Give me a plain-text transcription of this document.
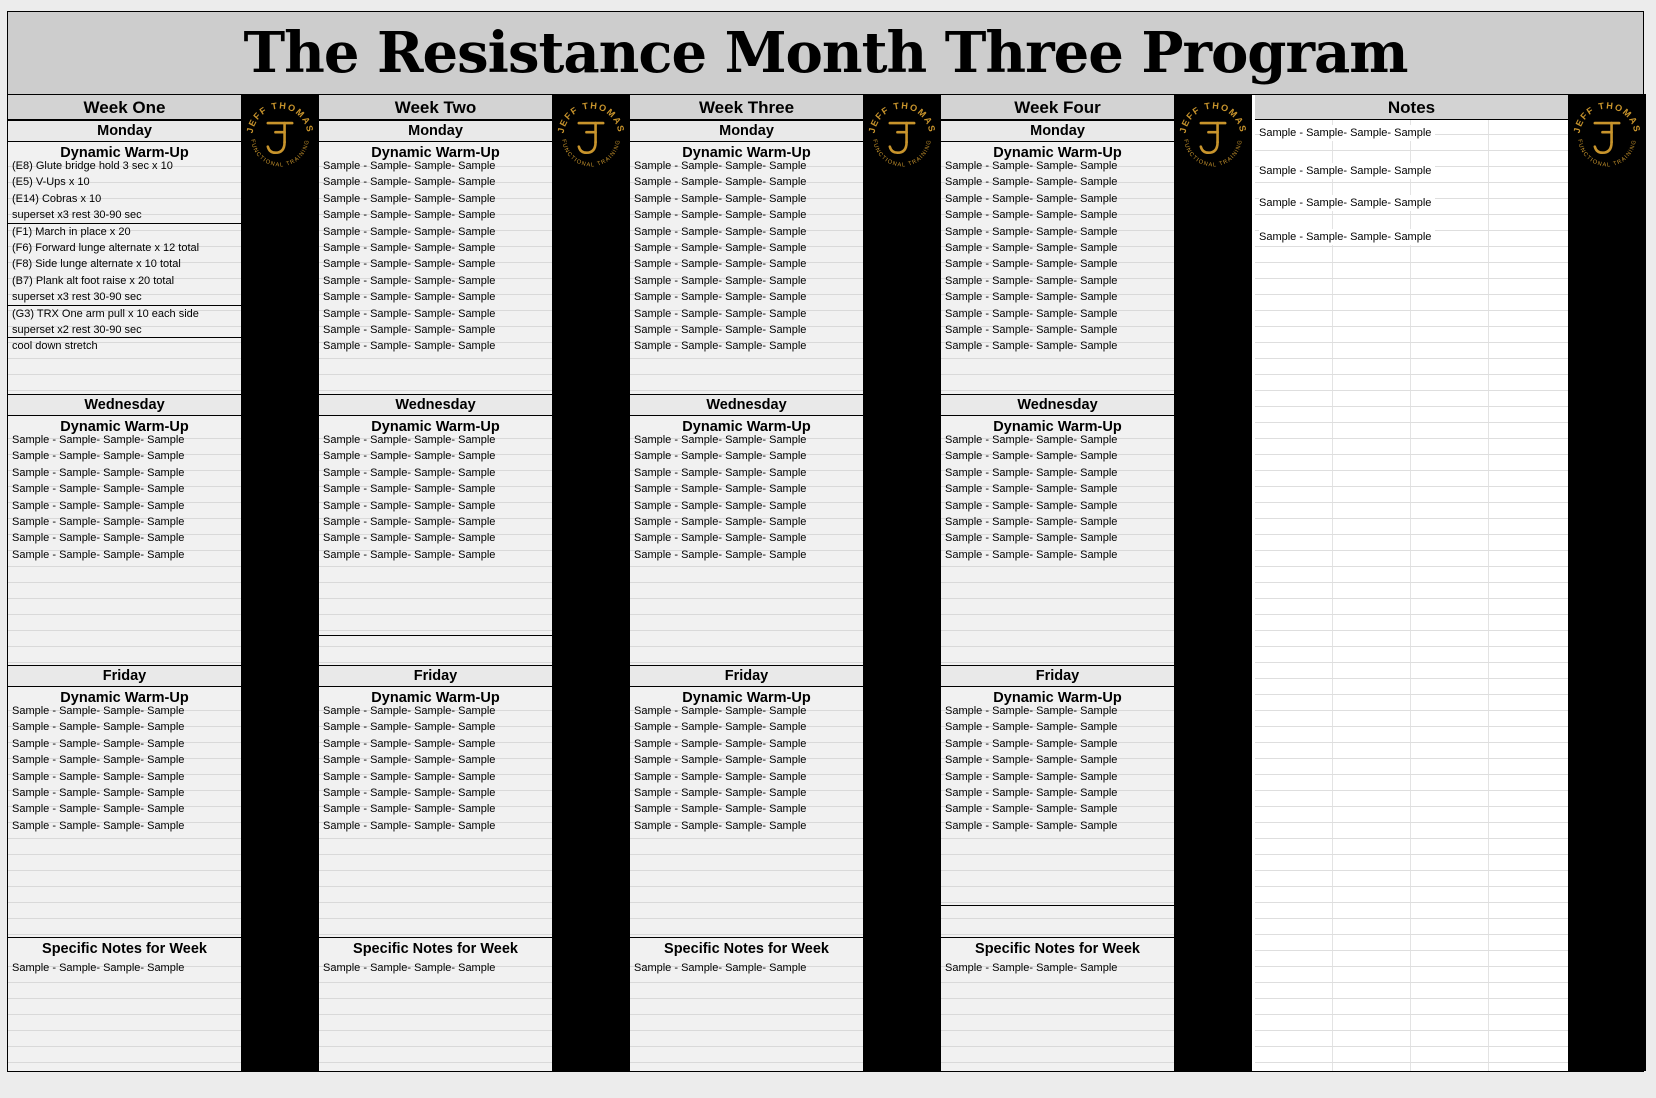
The Resistance Month Three Program
JEFF THOMAS
FUNCTIONAL TRAINING
JEFF THOMAS
FUNCTIONAL TRAINING
JEFF THOMAS
FUNCTIONAL TRAINING
JEFF THOMAS
FUNCTIONAL TRAINING
JEFF THOMAS
FUNCTIONAL TRAINING
Week One
Monday
Dynamic Warm-Up
(E8) Glute bridge hold 3 sec x 10
(E5) V-Ups x 10
(E14) Cobras x 10
superset x3 rest 30-90 sec
(F1) March in place x 20
(F6) Forward lunge alternate x 12 total
(F8) Side lunge alternate x 10 total
(B7) Plank alt foot raise x 20 total
superset x3 rest 30-90 sec
(G3) TRX One arm pull x 10 each side
superset x2 rest 30-90 sec
cool down stretch
Wednesday
Dynamic Warm-Up
Sample - Sample- Sample- Sample
Sample - Sample- Sample- Sample
Sample - Sample- Sample- Sample
Sample - Sample- Sample- Sample
Sample - Sample- Sample- Sample
Sample - Sample- Sample- Sample
Sample - Sample- Sample- Sample
Sample - Sample- Sample- Sample
Friday
Dynamic Warm-Up
Sample - Sample- Sample- Sample
Sample - Sample- Sample- Sample
Sample - Sample- Sample- Sample
Sample - Sample- Sample- Sample
Sample - Sample- Sample- Sample
Sample - Sample- Sample- Sample
Sample - Sample- Sample- Sample
Sample - Sample- Sample- Sample
Specific Notes for Week
Sample - Sample- Sample- Sample
Week Two
Monday
Dynamic Warm-Up
Sample - Sample- Sample- Sample
Sample - Sample- Sample- Sample
Sample - Sample- Sample- Sample
Sample - Sample- Sample- Sample
Sample - Sample- Sample- Sample
Sample - Sample- Sample- Sample
Sample - Sample- Sample- Sample
Sample - Sample- Sample- Sample
Sample - Sample- Sample- Sample
Sample - Sample- Sample- Sample
Sample - Sample- Sample- Sample
Sample - Sample- Sample- Sample
Wednesday
Dynamic Warm-Up
Sample - Sample- Sample- Sample
Sample - Sample- Sample- Sample
Sample - Sample- Sample- Sample
Sample - Sample- Sample- Sample
Sample - Sample- Sample- Sample
Sample - Sample- Sample- Sample
Sample - Sample- Sample- Sample
Sample - Sample- Sample- Sample
Friday
Dynamic Warm-Up
Sample - Sample- Sample- Sample
Sample - Sample- Sample- Sample
Sample - Sample- Sample- Sample
Sample - Sample- Sample- Sample
Sample - Sample- Sample- Sample
Sample - Sample- Sample- Sample
Sample - Sample- Sample- Sample
Sample - Sample- Sample- Sample
Specific Notes for Week
Sample - Sample- Sample- Sample
Week Three
Monday
Dynamic Warm-Up
Sample - Sample- Sample- Sample
Sample - Sample- Sample- Sample
Sample - Sample- Sample- Sample
Sample - Sample- Sample- Sample
Sample - Sample- Sample- Sample
Sample - Sample- Sample- Sample
Sample - Sample- Sample- Sample
Sample - Sample- Sample- Sample
Sample - Sample- Sample- Sample
Sample - Sample- Sample- Sample
Sample - Sample- Sample- Sample
Sample - Sample- Sample- Sample
Wednesday
Dynamic Warm-Up
Sample - Sample- Sample- Sample
Sample - Sample- Sample- Sample
Sample - Sample- Sample- Sample
Sample - Sample- Sample- Sample
Sample - Sample- Sample- Sample
Sample - Sample- Sample- Sample
Sample - Sample- Sample- Sample
Sample - Sample- Sample- Sample
Friday
Dynamic Warm-Up
Sample - Sample- Sample- Sample
Sample - Sample- Sample- Sample
Sample - Sample- Sample- Sample
Sample - Sample- Sample- Sample
Sample - Sample- Sample- Sample
Sample - Sample- Sample- Sample
Sample - Sample- Sample- Sample
Sample - Sample- Sample- Sample
Specific Notes for Week
Sample - Sample- Sample- Sample
Week Four
Monday
Dynamic Warm-Up
Sample - Sample- Sample- Sample
Sample - Sample- Sample- Sample
Sample - Sample- Sample- Sample
Sample - Sample- Sample- Sample
Sample - Sample- Sample- Sample
Sample - Sample- Sample- Sample
Sample - Sample- Sample- Sample
Sample - Sample- Sample- Sample
Sample - Sample- Sample- Sample
Sample - Sample- Sample- Sample
Sample - Sample- Sample- Sample
Sample - Sample- Sample- Sample
Wednesday
Dynamic Warm-Up
Sample - Sample- Sample- Sample
Sample - Sample- Sample- Sample
Sample - Sample- Sample- Sample
Sample - Sample- Sample- Sample
Sample - Sample- Sample- Sample
Sample - Sample- Sample- Sample
Sample - Sample- Sample- Sample
Sample - Sample- Sample- Sample
Friday
Dynamic Warm-Up
Sample - Sample- Sample- Sample
Sample - Sample- Sample- Sample
Sample - Sample- Sample- Sample
Sample - Sample- Sample- Sample
Sample - Sample- Sample- Sample
Sample - Sample- Sample- Sample
Sample - Sample- Sample- Sample
Sample - Sample- Sample- Sample
Specific Notes for Week
Sample - Sample- Sample- Sample
Notes
Sample - Sample- Sample- Sample
Sample - Sample- Sample- Sample
Sample - Sample- Sample- Sample
Sample - Sample- Sample- Sample
